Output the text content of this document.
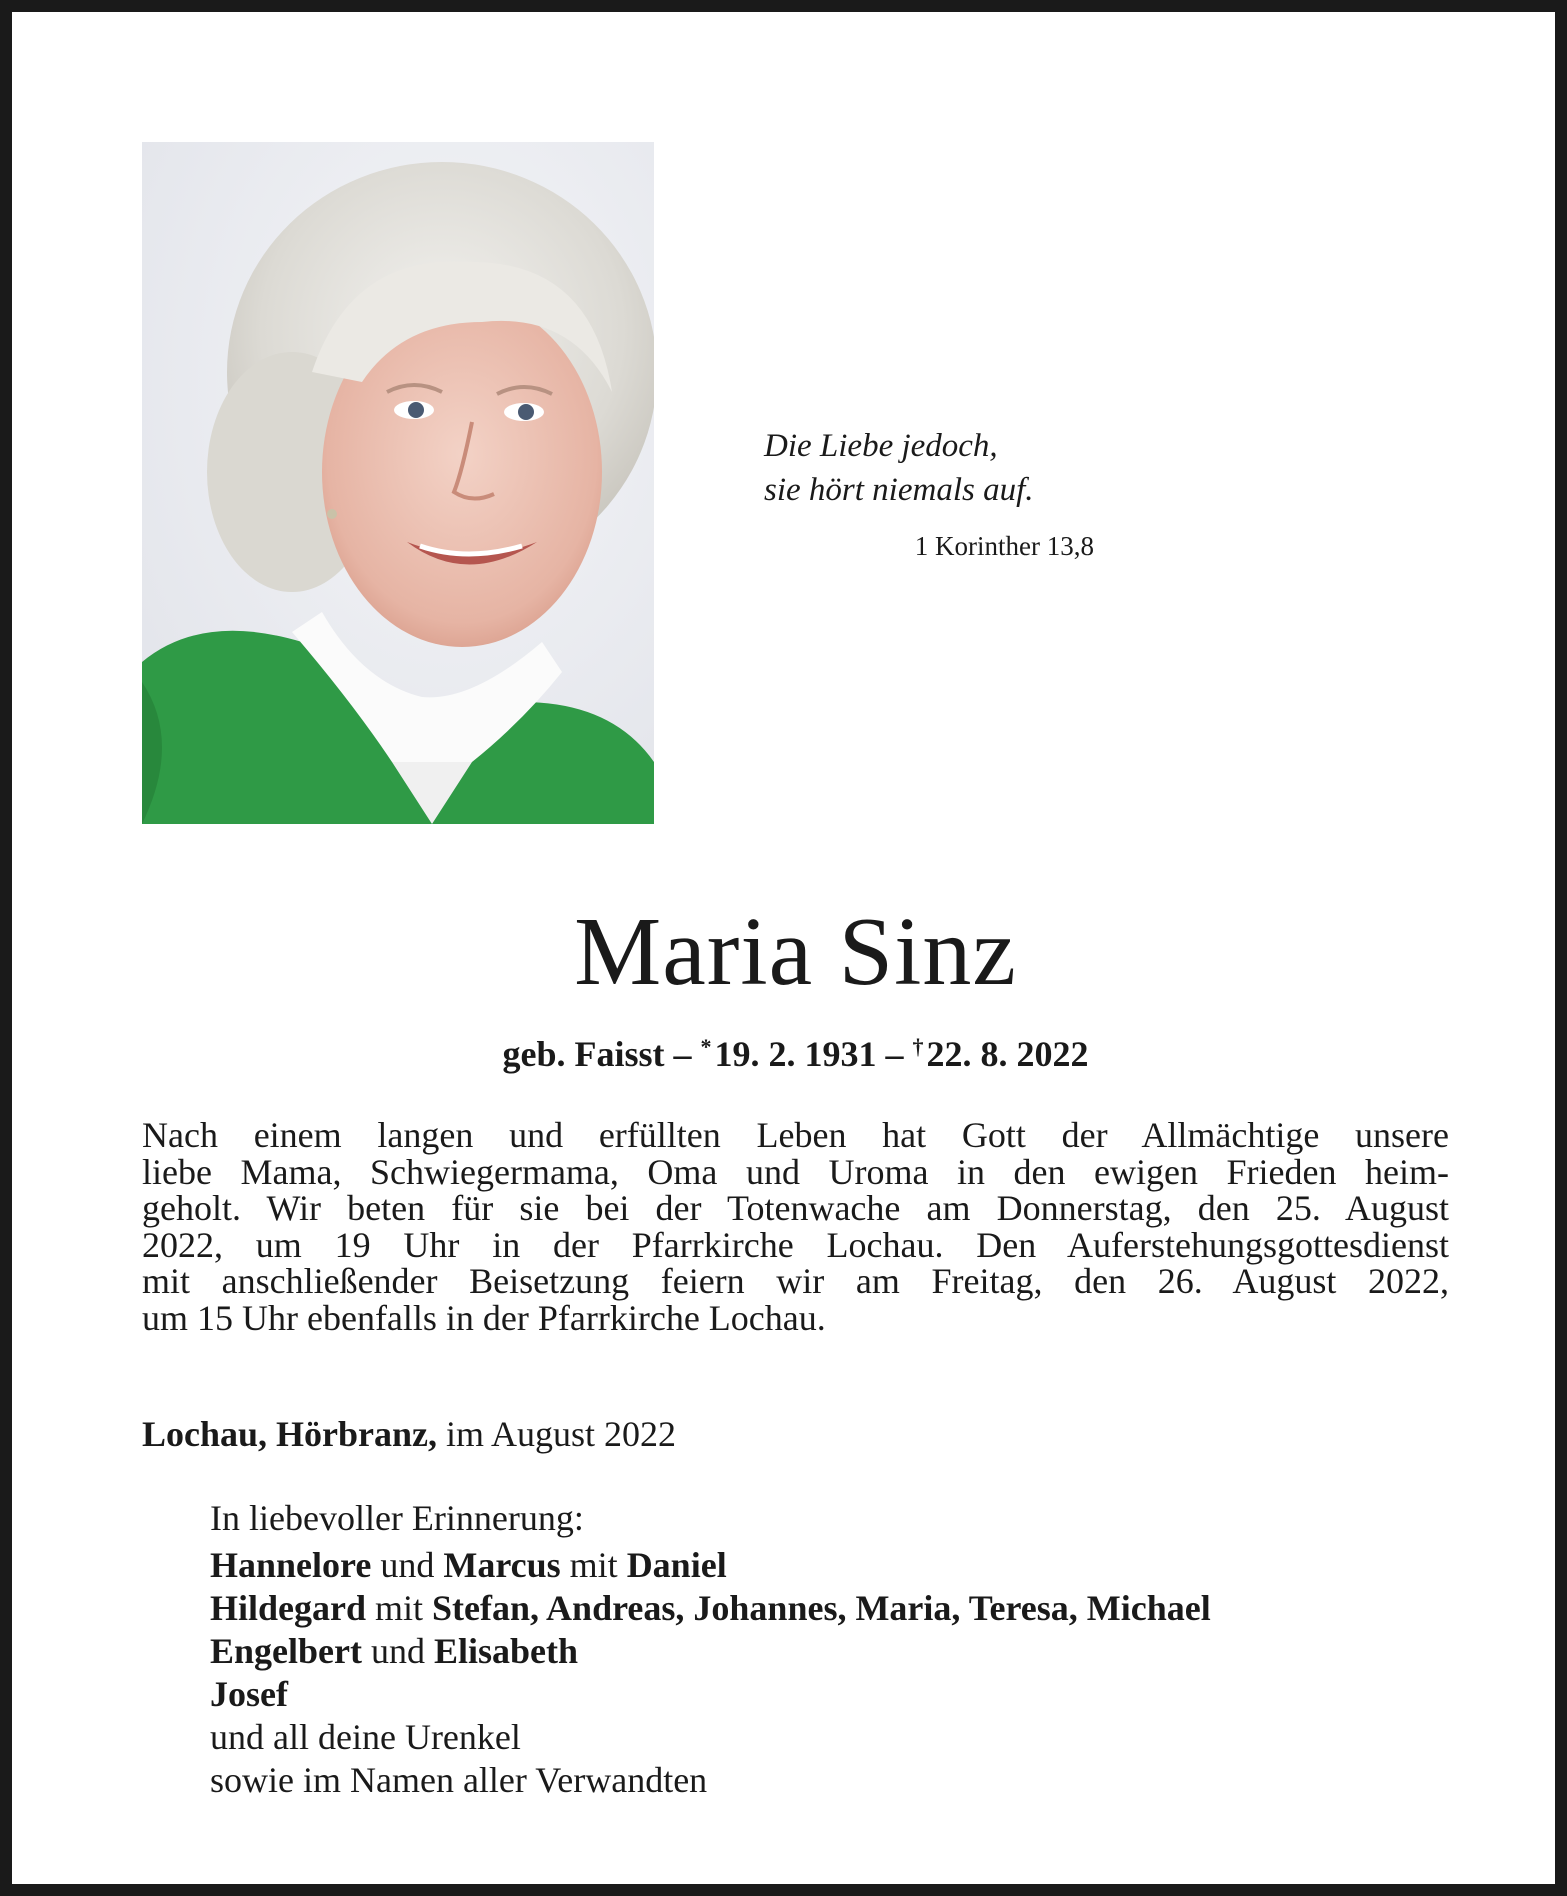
Die Liebe jedoch,
sie hört niemals auf.
1 Korinther 13,8
Maria Sinz
geb. Faisst – * 19. 2. 1931 – † 22. 8. 2022
Nach einem langen und erfüllten Leben hat Gott der Allmächtige unsere
liebe Mama, Schwiegermama, Oma und Uroma in den ewigen Frieden heim-
geholt. Wir beten für sie bei der Totenwache am Donnerstag, den 25. August
2022, um 19 Uhr in der Pfarrkirche Lochau. Den Auferstehungsgottesdienst
mit anschließender Beisetzung feiern wir am Freitag, den 26. August 2022,
um 15 Uhr ebenfalls in der Pfarrkirche Lochau.
Lochau, Hörbranz, im August 2022
In liebevoller Erinnerung:
Hannelore und Marcus mit Daniel
Hildegard mit Stefan, Andreas, Johannes, Maria, Teresa, Michael
Engelbert und Elisabeth
Josef
und all deine Urenkel
sowie im Namen aller Verwandten
